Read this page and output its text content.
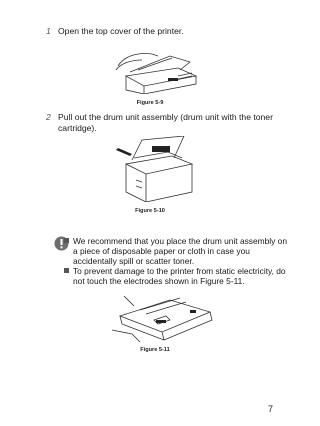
1 Open the top cover of the printer.
Figure 5-9
2 Pull out the drum unit assembly (drum unit with the toner
cartridge).
Figure 5-10
We recommend that you place the drum unit assembly on
a piece of disposable paper or cloth in case you
accidentally spill or scatter toner.
To prevent damage to the printer from static electricity, do
not touch the electrodes shown in Figure 5-11.
Figure 5-11
7
